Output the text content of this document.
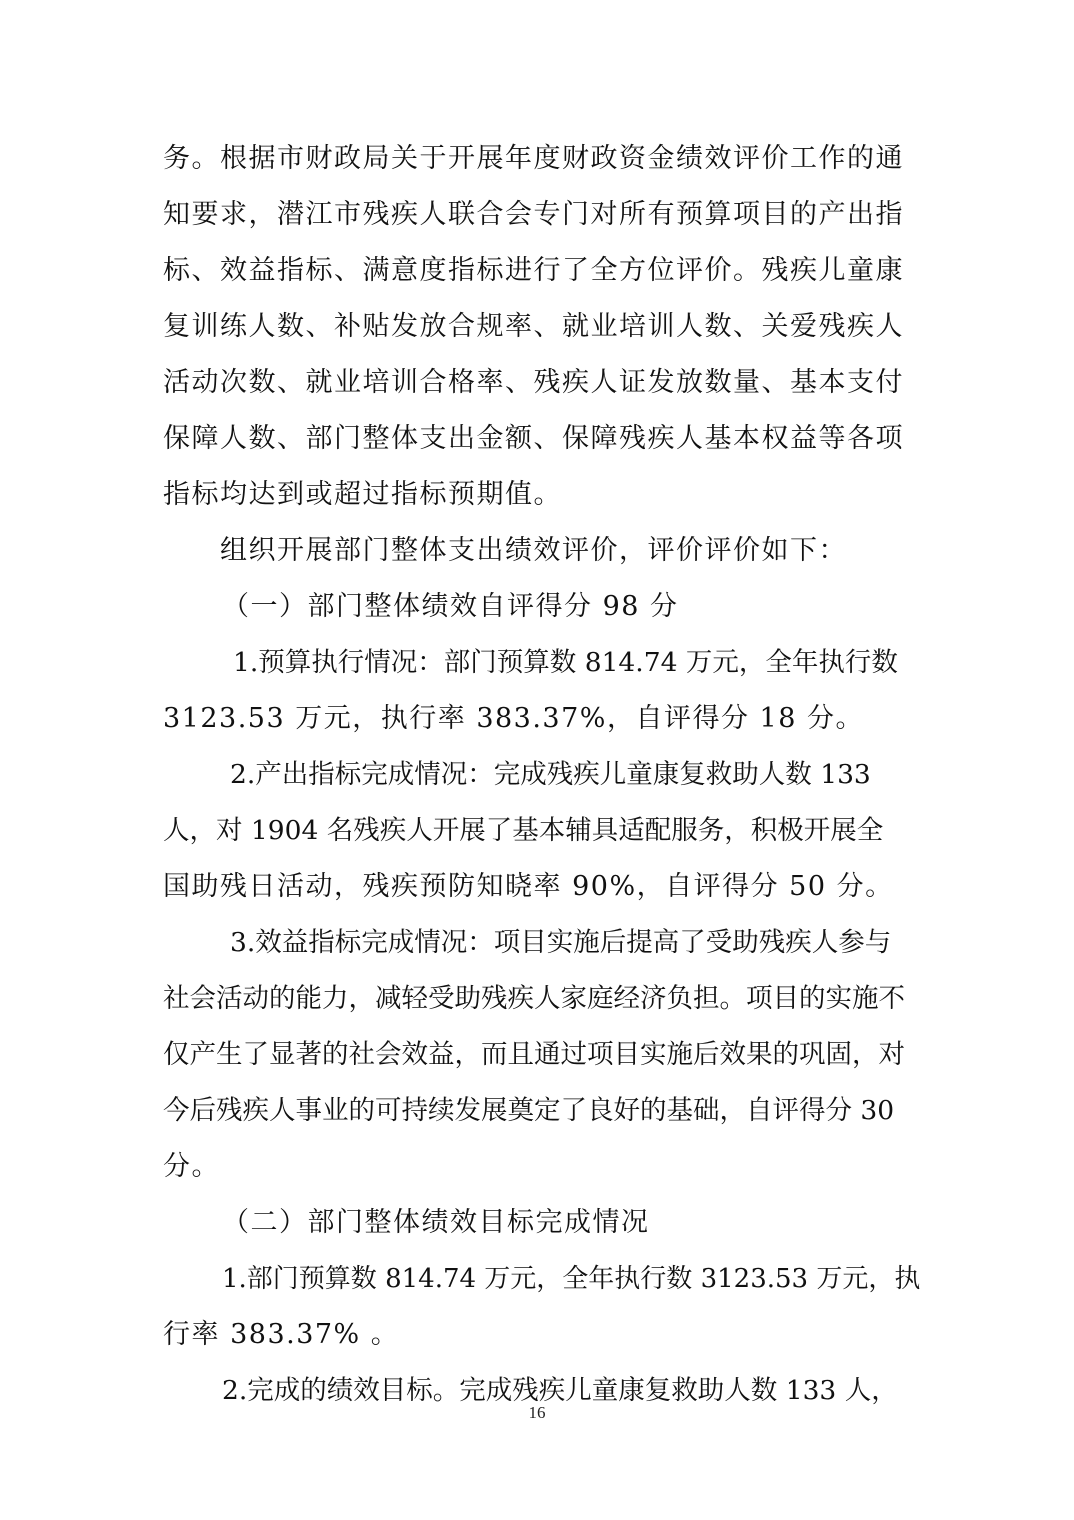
务。根据市财政局关于开展年度财政资金绩效评价工作的通
知要求，潜江市残疾人联合会专门对所有预算项目的产出指
标、效益指标、满意度指标进行了全方位评价。残疾儿童康
复训练人数、补贴发放合规率、就业培训人数、关爱残疾人
活动次数、就业培训合格率、残疾人证发放数量、基本支付
保障人数、部门整体支出金额、保障残疾人基本权益等各项
指标均达到或超过指标预期值。
组织开展部门整体支出绩效评价，评价评价如下：
（一）部门整体绩效自评得分 98 分
1.预算执行情况：部门预算数 814.74 万元，全年执行数
3123.53 万元，执行率 383.37%，自评得分 18 分。
2.产出指标完成情况：完成残疾儿童康复救助人数 133
人，对 1904 名残疾人开展了基本辅具适配服务，积极开展全
国助残日活动，残疾预防知晓率 90%，自评得分 50 分。
3.效益指标完成情况：项目实施后提高了受助残疾人参与
社会活动的能力，减轻受助残疾人家庭经济负担。项目的实施不
仅产生了显著的社会效益，而且通过项目实施后效果的巩固，对
今后残疾人事业的可持续发展奠定了良好的基础，自评得分 30
分。
（二）部门整体绩效目标完成情况
1.部门预算数 814.74 万元，全年执行数 3123.53 万元，执
行率 383.37% 。
2.完成的绩效目标。完成残疾儿童康复救助人数 133 人，
16
